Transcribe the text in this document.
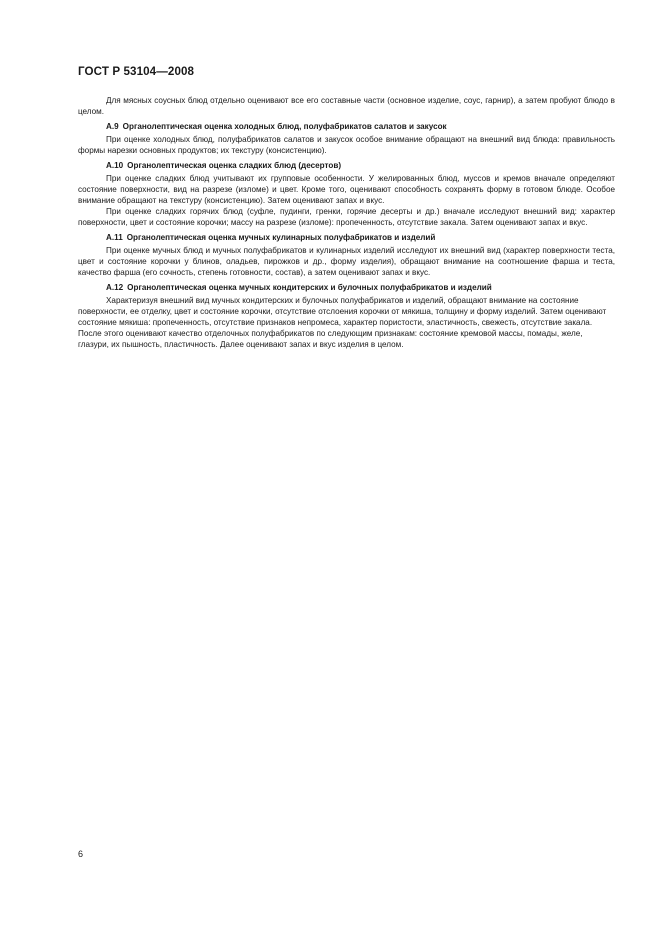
ГОСТ Р 53104—2008

Для мясных соусных блюд отдельно оценивают все его составные части (основное изделие, соус, гарнир), а затем пробуют блюдо в целом.

А.9 Органолептическая оценка холодных блюд, полуфабрикатов салатов и закусок

При оценке холодных блюд, полуфабрикатов салатов и закусок особое внимание обращают на внешний вид блюда: правильность формы нарезки основных продуктов; их текстуру (консистенцию).

А.10 Органолептическая оценка сладких блюд (десертов)

При оценке сладких блюд учитывают их групповые особенности. У желированных блюд, муссов и кремов вначале определяют состояние поверхности, вид на разрезе (изломе) и цвет. Кроме того, оценивают способность сохранять форму в готовом блюде. Особое внимание обращают на текстуру (консистенцию). Затем оценивают запах и вкус.

При оценке сладких горячих блюд (суфле, пудинги, гренки, горячие десерты и др.) вначале исследуют внешний вид: характер поверхности, цвет и состояние корочки; массу на разрезе (изломе): пропеченность, отсутствие закала. Затем оценивают запах и вкус.

А.11 Органолептическая оценка мучных кулинарных полуфабрикатов и изделий

При оценке мучных блюд и мучных полуфабрикатов и кулинарных изделий исследуют их внешний вид (характер поверхности теста, цвет и состояние корочки у блинов, оладьев, пирожков и др., форму изделия), обращают внимание на соотношение фарша и теста, качество фарша (его сочность, степень готовности, состав), а затем оценивают запах и вкус.

А.12 Органолептическая оценка мучных кондитерских и булочных полуфабрикатов и изделий

Характеризуя внешний вид мучных кондитерских и булочных полуфабрикатов и изделий, обращают внимание на состояние поверхности, ее отделку, цвет и состояние корочки, отсутствие отслоения корочки от мякиша, толщину и форму изделий. Затем оценивают состояние мякиша: пропеченность, отсутствие признаков непромеса, характер пористости, эластичность, свежесть, отсутствие закала. После этого оценивают качество отделочных полуфабрикатов по следующим признакам: состояние кремовой массы, помады, желе, глазури, их пышность, пластичность. Далее оценивают запах и вкус изделия в целом.

6
